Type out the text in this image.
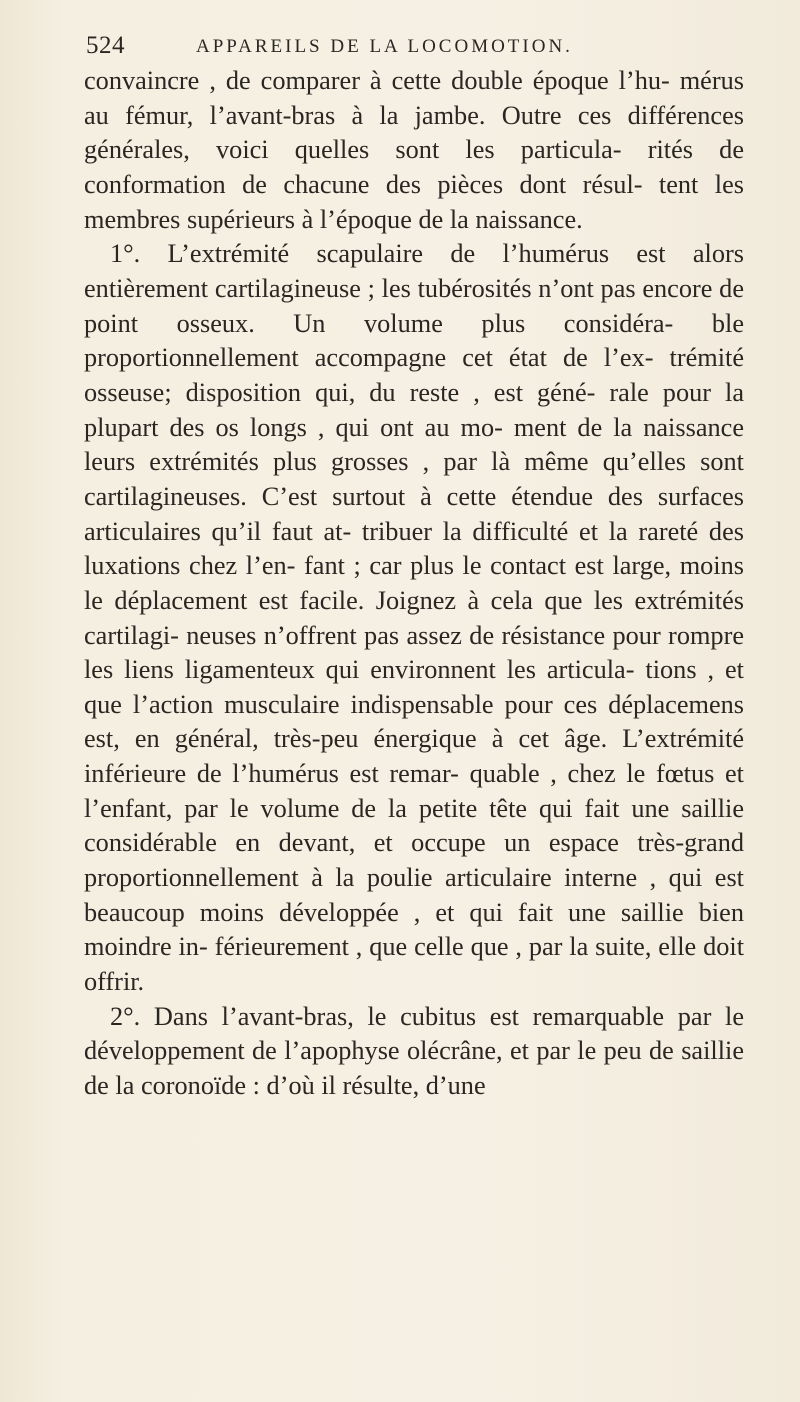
524	APPAREILS DE LA LOCOMOTION.

convaincre , de comparer à cette double époque l’hu- mérus au fémur, l’avant-bras à la jambe. Outre ces différences générales, voici quelles sont les particula- rités de conformation de chacune des pièces dont résul- tent les membres supérieurs à l’époque de la naissance.

1°. L’extrémité scapulaire de l’humérus est alors entièrement cartilagineuse ; les tubérosités n’ont pas encore de point osseux. Un volume plus considéra- ble proportionnellement accompagne cet état de l’ex- trémité osseuse; disposition qui, du reste , est géné- rale pour la plupart des os longs , qui ont au mo- ment de la naissance leurs extrémités plus grosses , par là même qu’elles sont cartilagineuses. C’est surtout à cette étendue des surfaces articulaires qu’il faut at- tribuer la difficulté et la rareté des luxations chez l’en- fant ; car plus le contact est large, moins le déplacement est facile. Joignez à cela que les extrémités cartilagi- neuses n’offrent pas assez de résistance pour rompre les liens ligamenteux qui environnent les articula- tions , et que l’action musculaire indispensable pour ces déplacemens est, en général, très-peu énergique à cet âge. L’extrémité inférieure de l’humérus est remar- quable , chez le fœtus et l’enfant, par le volume de la petite tête qui fait une saillie considérable en devant, et occupe un espace très-grand proportionnellement à la poulie articulaire interne , qui est beaucoup moins développée , et qui fait une saillie bien moindre in- férieurement , que celle que , par la suite, elle doit offrir.

2°. Dans l’avant-bras, le cubitus est remarquable par le développement de l’apophyse olécrâne, et par le peu de saillie de la coronoïde : d’où il résulte, d’une
